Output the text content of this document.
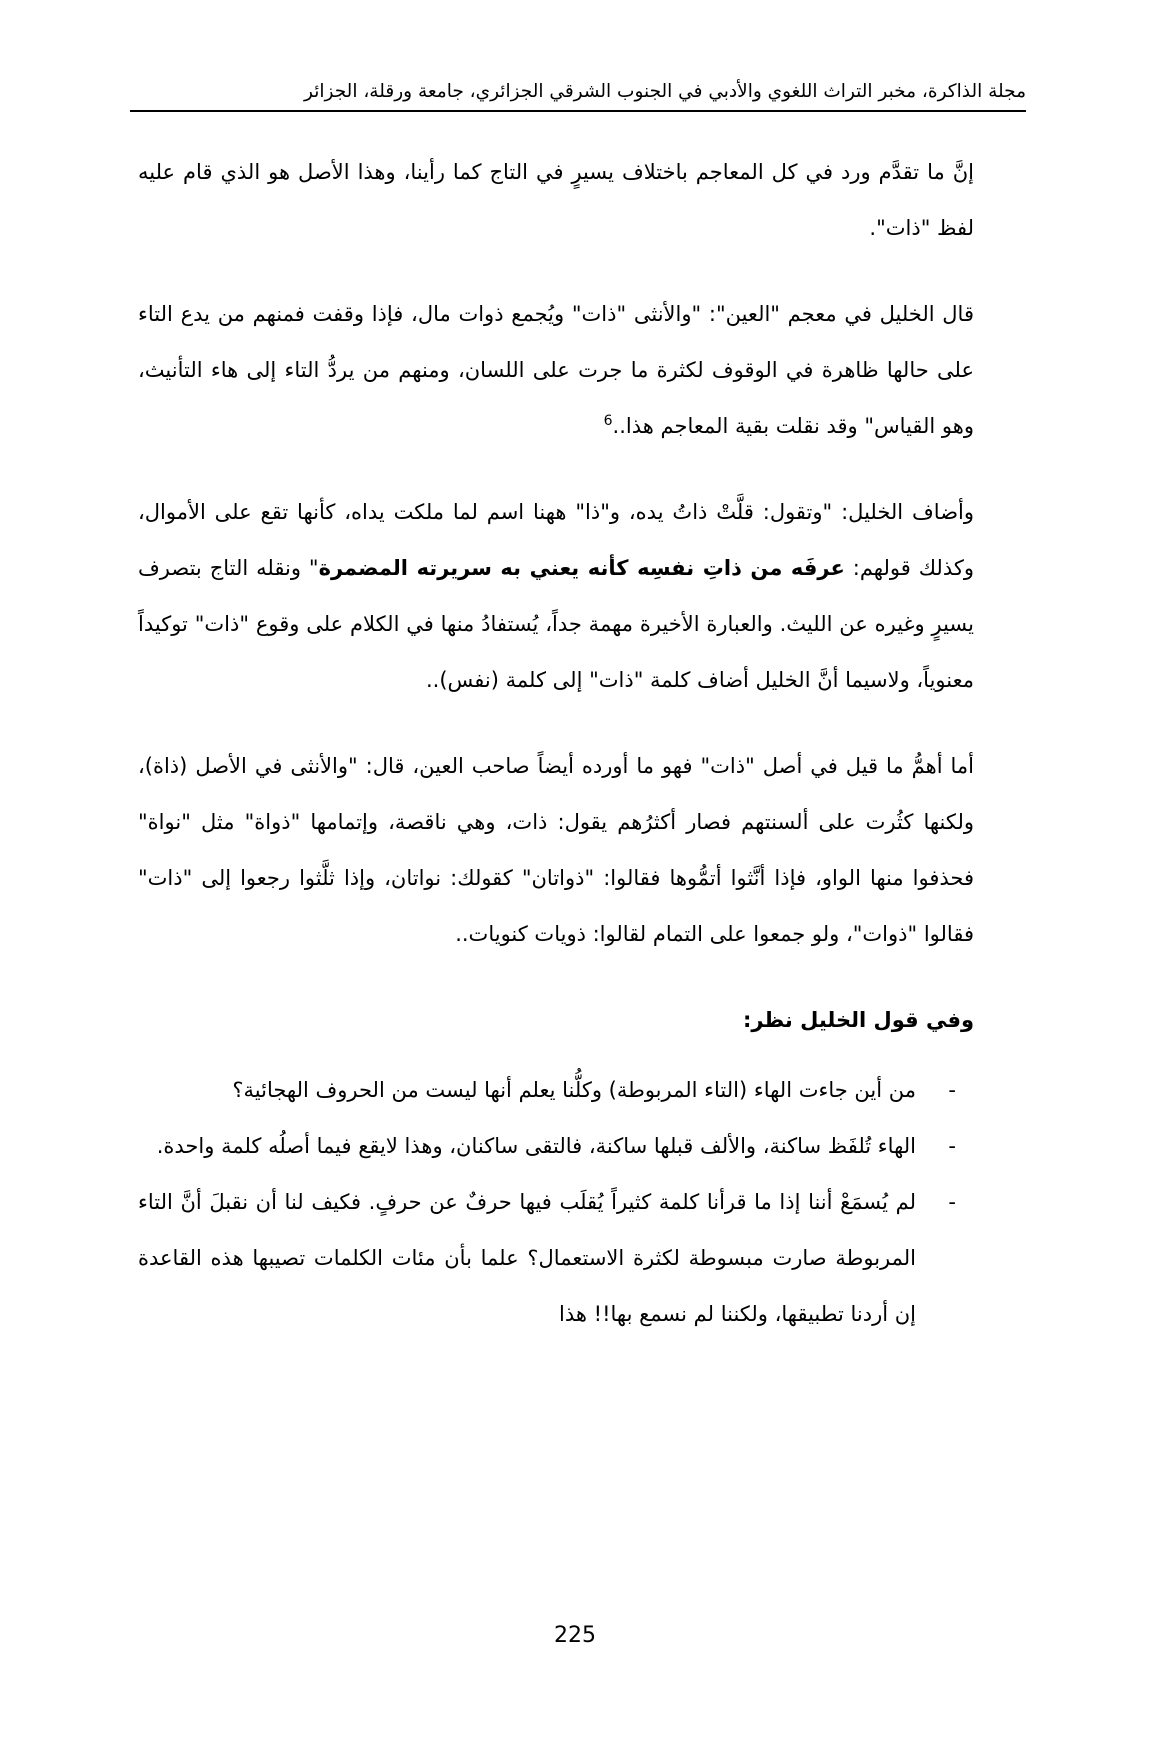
مجلة الذاكرة، مخبر التراث اللغوي والأدبي في الجنوب الشرقي الجزائري، جامعة ورقلة، الجزائر

إنَّ ما تقدَّم ورد في كل المعاجم باختلاف يسيرٍ في التاج كما رأينا، وهذا الأصل هو الذي قام عليه لفظ "ذات".

قال الخليل في معجم "العين": "والأنثى "ذات" ويُجمع ذوات مال، فإذا وقفت فمنهم من يدع التاء على حالها ظاهرة في الوقوف لكثرة ما جرت على اللسان، ومنهم من يردُّ التاء إلى هاء التأنيث، وهو القياس" وقد نقلت بقية المعاجم هذا..$^6$

وأضاف الخليل: "وتقول: قلَّتْ ذاتُ يده، و"ذا" ههنا اسم لما ملكت يداه، كأنها تقع على الأموال، وكذلك قولهم: عرفَه من ذاتِ نفسِه كأنه يعني به سريرته المضمرة" ونقله التاج بتصرف يسيرٍ وغيره عن الليث. والعبارة الأخيرة مهمة جداً، يُستفادُ منها في الكلام على وقوع "ذات" توكيداً معنوياً، ولاسيما أنَّ الخليل أضاف كلمة "ذات" إلى كلمة (نفس)..

أما أهمُّ ما قيل في أصل "ذات" فهو ما أورده أيضاً صاحب العين، قال: "والأنثى في الأصل (ذاة)، ولكنها كثُرت على ألسنتهم فصار أكثرُهم يقول: ذات، وهي ناقصة، وإتمامها "ذواة" مثل "نواة" فحذفوا منها الواو، فإذا أنَّثوا أتمُّوها فقالوا: "ذواتان" كقولك: نواتان، وإذا ثلَّثوا رجعوا إلى "ذات" فقالوا "ذوات"، ولو جمعوا على التمام لقالوا: ذويات كنويات..

وفي قول الخليل نظر:

- من أين جاءت الهاء (التاء المربوطة) وكلُّنا يعلم أنها ليست من الحروف الهجائية؟
- الهاء تُلفَظ ساكنة، والألف قبلها ساكنة، فالتقى ساكنان، وهذا لايقع فيما أصلُه كلمة واحدة.
- لم يُسمَعْ أننا إذا ما قرأنا كلمة كثيراً يُقلَب فيها حرفٌ عن حرفٍ. فكيف لنا أن نقبلَ أنَّ التاء المربوطة صارت مبسوطة لكثرة الاستعمال؟ علما بأن مئات الكلمات تصيبها هذه القاعدة إن أردنا تطبيقها، ولكننا لم نسمع بها!! هذا
225
